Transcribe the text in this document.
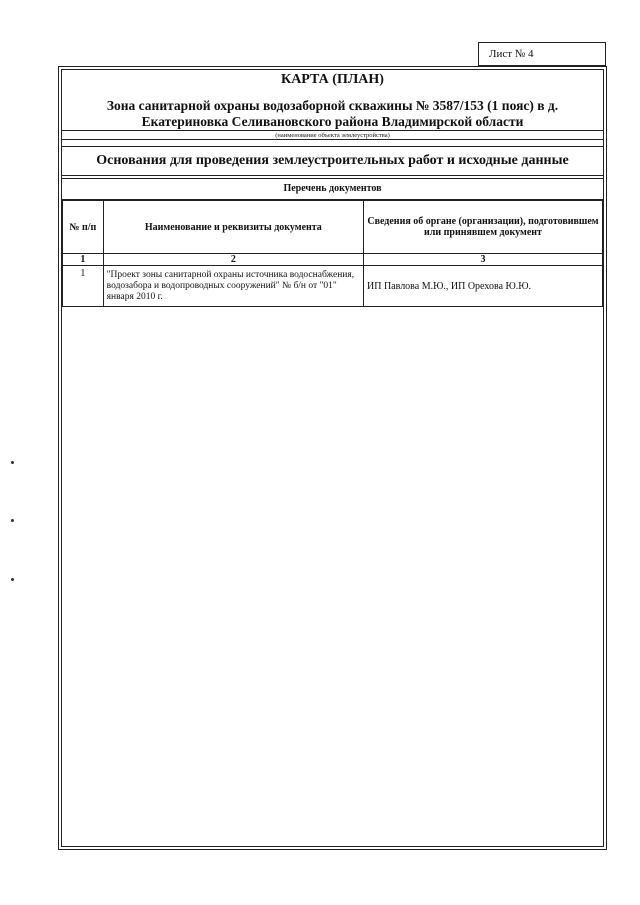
Лист № 4
КАРТА (ПЛАН)
Зона санитарной охраны водозаборной скважины № 3587/153 (1 пояс) в д. Екатериновка Селивановского района Владимирской области
(наименование объекта землеустройства)
Основания для проведения землеустроительных работ и исходные данные
Перечень документов
№ п/п	Наименование и реквизиты документа	Сведения об органе (организации), подготовившем или принявшем документ
1	2	3
1	"Проект зоны санитарной охраны источника водоснабжения, водозабора и водопроводных сооружений" № б/н от "01" января 2010 г.	ИП Павлова М.Ю., ИП Орехова Ю.Ю.
